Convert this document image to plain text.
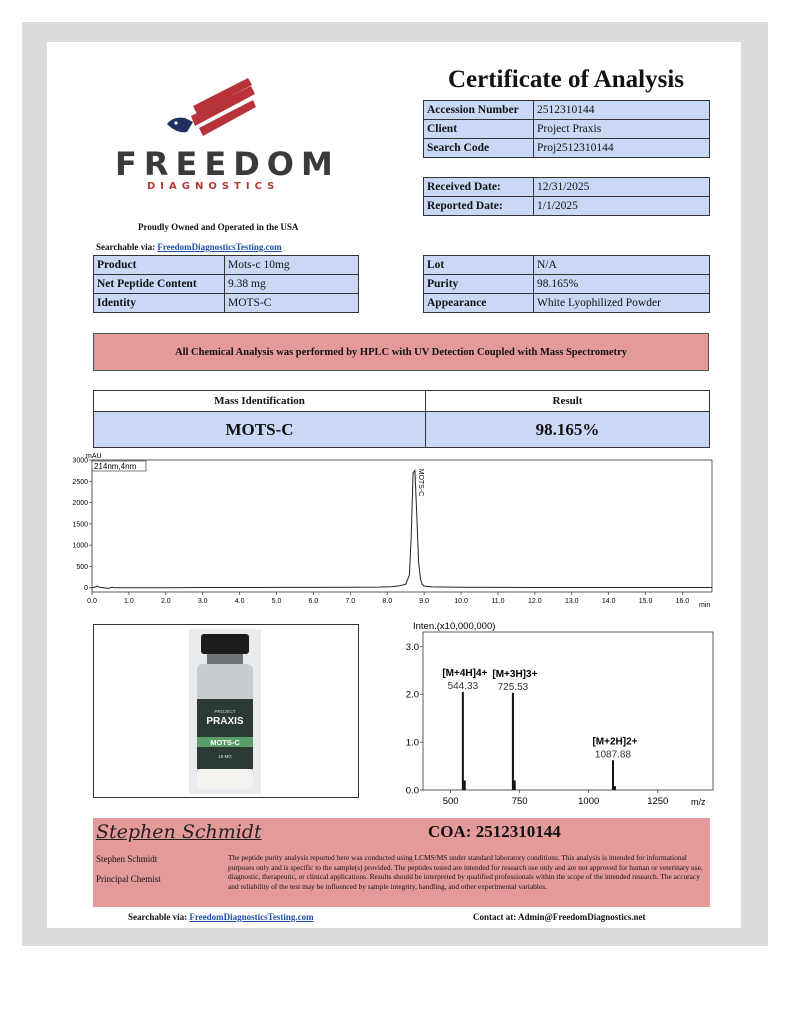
Certificate of Analysis
Accession Number	2512310144
Client	Project Praxis
Search Code	Proj2512310144
Received Date:	12/31/2025
Reported Date:	1/1/2025
FREEDOM
DIAGNOSTICS
Proudly Owned and Operated in the USA
Searchable via: FreedomDiagnosticsTesting.com
Product	Mots-c 10mg
Net Peptide Content	9.38 mg
Identity	MOTS-C
Lot	N/A
Purity	98.165%
Appearance	White Lyophilized Powder
All Chemical Analysis was performed by HPLC with UV Detection Coupled with Mass Spectrometry
Mass Identification	Result
MOTS-C	98.165%
0.0	1.0	2.0	3.0	4.0	5.0	6.0	7.0	8.0	9.0	10.0	11.0	12.0	13.0	14.0	15.0	16.0
0
500
1000
1500
2000
2500
3000
214nm,4nm
mAU
min
MOTS-C
PROJECT
PRAXIS
MOTS-C
10 MG
500	750	1000	1250
0.0
1.0
2.0
3.0
544.33
[M+4H]4+
725.53
[M+3H]3+
1087.88
[M+2H]2+
Inten.(x10,000,000)
m/z
Stephen Schmidt	COA: 2512310144
Stephen Schmidt
Principal Chemist
The peptide purity analysis reported here was conducted using LCMS/MS under standard laboratory conditions. This analysis is intended for informational purposes only and is specific to the sample(s) provided. The peptides tested are intended for research use only and are not approved for human or veterinary use, diagnostic, therapeutic, or clinical applications. Results should be interpreted by qualified professionals within the scope of the intended research. The accuracy and reliability of the test may be influenced by sample integrity, handling, and other experimental variables.
Searchable via: FreedomDiagnosticsTesting.com	Contact at: Admin@FreedomDiagnostics.net
